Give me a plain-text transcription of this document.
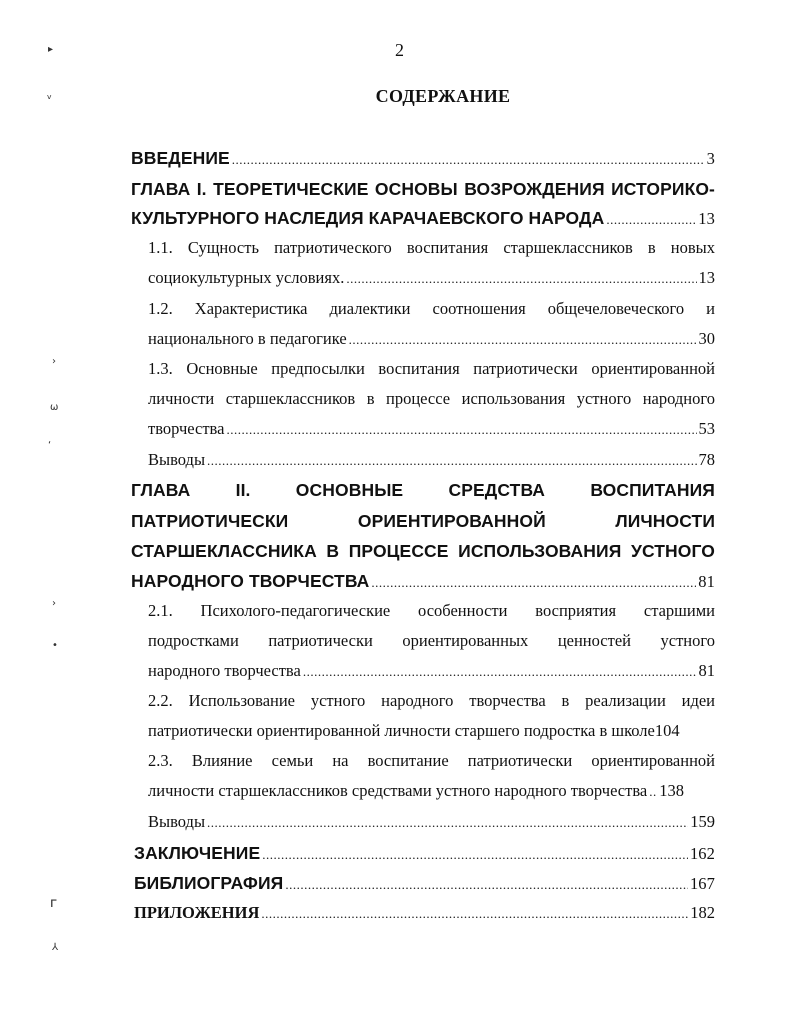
2
СОДЕРЖАНИЕ
▸
ᵥ
›
ω
‘
›
•
ᴦ
⅄
ВВЕДЕНИЕ .....	3
ГЛАВА I. ТЕОРЕТИЧЕСКИЕ ОСНОВЫ ВОЗРОЖДЕНИЯ ИСТОРИКО-
КУЛЬТУРНОГО НАСЛЕДИЯ КАРАЧАЕВСКОГО НАРОДА .....	13
1.1. Сущность патриотического воспитания старшеклассников в новых
социокультурных условиях. .....	13
1.2. Характеристика диалектики соотношения общечеловеческого и
национального в педагогике .....	30
1.3. Основные предпосылки воспитания патриотически ориентированной
личности старшеклассников в процессе использования устного народного
творчества .....	53
Выводы .....	78
ГЛАВА II. ОСНОВНЫЕ СРЕДСТВА ВОСПИТАНИЯ
ПАТРИОТИЧЕСКИ ОРИЕНТИРОВАННОЙ ЛИЧНОСТИ
СТАРШЕКЛАССНИКА В ПРОЦЕССЕ ИСПОЛЬЗОВАНИЯ УСТНОГО
НАРОДНОГО ТВОРЧЕСТВА .....	81
2.1. Психолого-педагогические особенности восприятия старшими
подростками патриотически ориентированных ценностей устного
народного творчества .....	81
2.2. Использование устного народного творчества в реализации идеи
патриотически ориентированной личности старшего подростка в школе 104
2.3. Влияние семьи на воспитание патриотически ориентированной
личности старшеклассников средствами устного народного творчества ..... 138
Выводы .....	159
ЗАКЛЮЧЕНИЕ .....	162
БИБЛИОГРАФИЯ .....	167
ПРИЛОЖЕНИЯ .....	182
